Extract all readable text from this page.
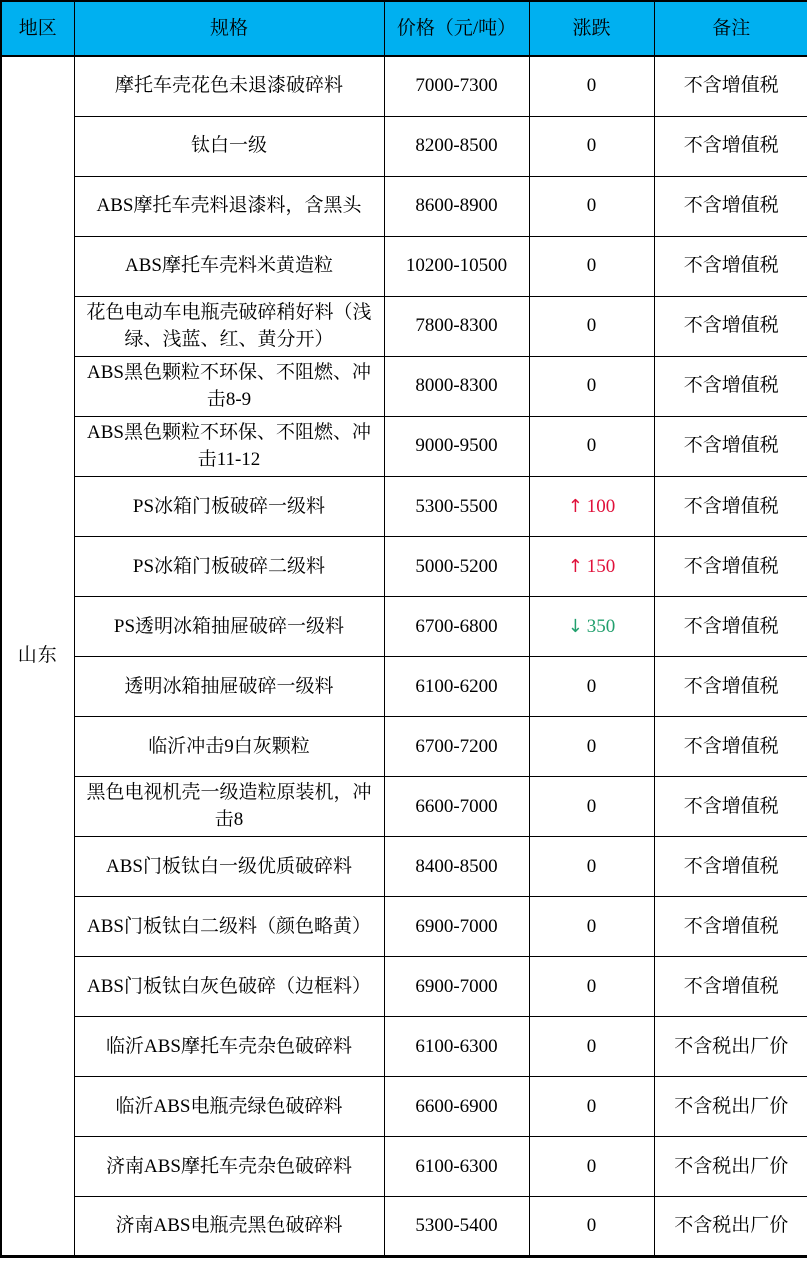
地区	规格	价格（元/吨）	涨跌	备注
山东	摩托车壳花色未退漆破碎料	7000-7300	0	不含增值税
	钛白一级	8200-8500	0	不含增值税
	ABS摩托车壳料退漆料，含黑头	8600-8900	0	不含增值税
	ABS摩托车壳料米黄造粒	10200-10500	0	不含增值税
	花色电动车电瓶壳破碎稍好料（浅绿、浅蓝、红、黄分开）	7800-8300	0	不含增值税
	ABS黑色颗粒不环保、不阻燃、冲击8-9	8000-8300	0	不含增值税
	ABS黑色颗粒不环保、不阻燃、冲击11-12	9000-9500	0	不含增值税
	PS冰箱门板破碎一级料	5300-5500	↑ 100	不含增值税
	PS冰箱门板破碎二级料	5000-5200	↑ 150	不含增值税
	PS透明冰箱抽屉破碎一级料	6700-6800	↓ 350	不含增值税
	透明冰箱抽屉破碎一级料	6100-6200	0	不含增值税
	临沂冲击9白灰颗粒	6700-7200	0	不含增值税
	黑色电视机壳一级造粒原装机，冲击8	6600-7000	0	不含增值税
	ABS门板钛白一级优质破碎料	8400-8500	0	不含增值税
	ABS门板钛白二级料（颜色略黄）	6900-7000	0	不含增值税
	ABS门板钛白灰色破碎（边框料）	6900-7000	0	不含增值税
	临沂ABS摩托车壳杂色破碎料	6100-6300	0	不含税出厂价
	临沂ABS电瓶壳绿色破碎料	6600-6900	0	不含税出厂价
	济南ABS摩托车壳杂色破碎料	6100-6300	0	不含税出厂价
	济南ABS电瓶壳黑色破碎料	5300-5400	0	不含税出厂价
